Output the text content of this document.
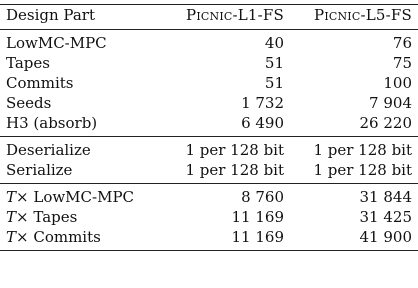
Design Part	Picnic-L1-FS	Picnic-L5-FS
LowMC-MPC	40	76
Tapes	51	75
Commits	51	100
Seeds	1 732	7 904
H3 (absorb)	6 490	26 220
Deserialize	1 per 128 bit	1 per 128 bit
Serialize	1 per 128 bit	1 per 128 bit
T× LowMC-MPC	8 760	31 844
T× Tapes	11 169	31 425
T× Commits	11 169	41 900
